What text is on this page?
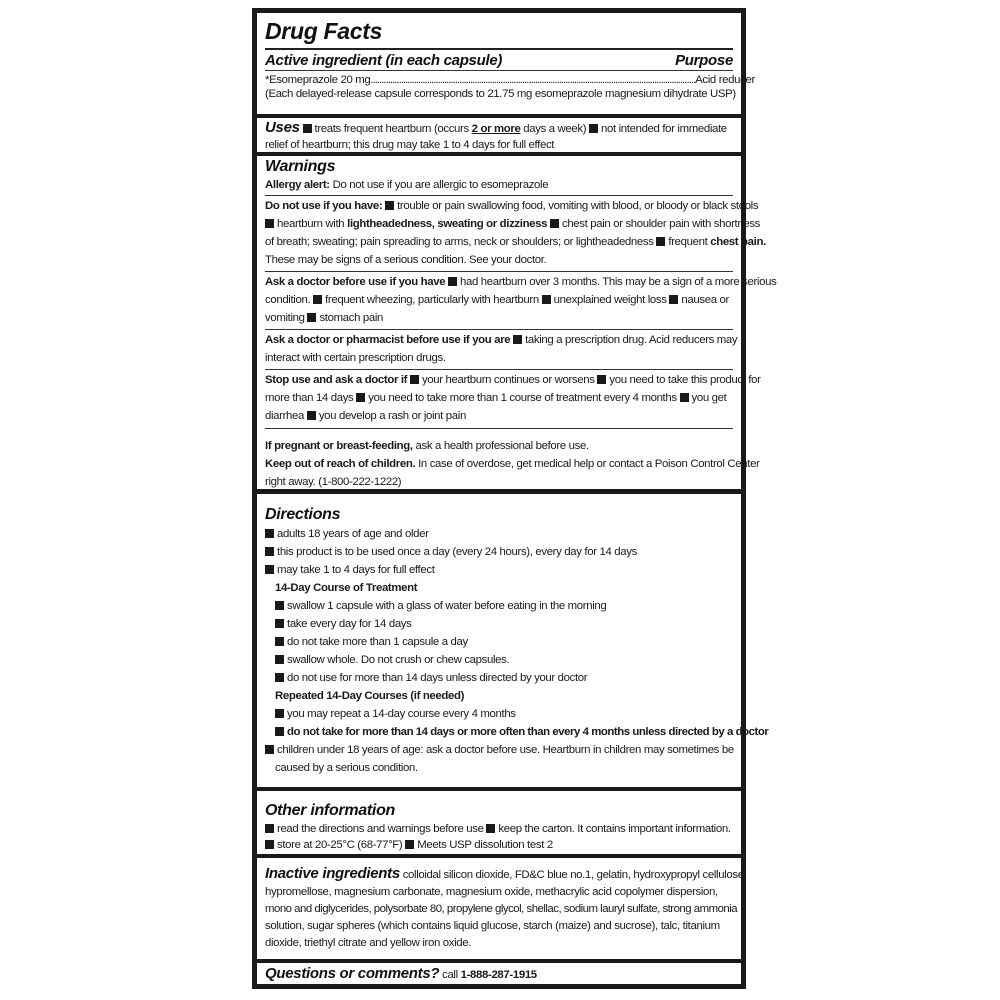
Drug Facts
Active ingredient (in each capsule)	Purpose
*Esomeprazole 20 mg ...................................................................................................................................................... Acid reducer
(Each delayed-release capsule corresponds to 21.75 mg esomeprazole magnesium dihydrate USP)
Uses treats frequent heartburn (occurs 2 or more days a week) not intended for immediate
relief of heartburn; this drug may take 1 to 4 days for full effect
Warnings
Allergy alert: Do not use if you are allergic to esomeprazole
Do not use if you have: trouble or pain swallowing food, vomiting with blood, or bloody or black stools
heartburn with lightheadedness, sweating or dizziness chest pain or shoulder pain with shortness
of breath; sweating; pain spreading to arms, neck or shoulders; or lightheadedness frequent chest pain.
These may be signs of a serious condition. See your doctor.
Ask a doctor before use if you have had heartburn over 3 months. This may be a sign of a more serious
condition. frequent wheezing, particularly with heartburn unexplained weight loss nausea or
vomiting stomach pain
Ask a doctor or pharmacist before use if you are taking a prescription drug. Acid reducers may
interact with certain prescription drugs.
Stop use and ask a doctor if your heartburn continues or worsens you need to take this product for
more than 14 days you need to take more than 1 course of treatment every 4 months you get
diarrhea you develop a rash or joint pain
If pregnant or breast-feeding, ask a health professional before use.
Keep out of reach of children. In case of overdose, get medical help or contact a Poison Control Center
right away. (1-800-222-1222)
Directions
adults 18 years of age and older
this product is to be used once a day (every 24 hours), every day for 14 days
may take 1 to 4 days for full effect
14-Day Course of Treatment
swallow 1 capsule with a glass of water before eating in the morning
take every day for 14 days
do not take more than 1 capsule a day
swallow whole. Do not crush or chew capsules.
do not use for more than 14 days unless directed by your doctor
Repeated 14-Day Courses (if needed)
you may repeat a 14-day course every 4 months
do not take for more than 14 days or more often than every 4 months unless directed by a doctor
children under 18 years of age: ask a doctor before use. Heartburn in children may sometimes be
caused by a serious condition.
Other information
read the directions and warnings before use keep the carton. It contains important information.
store at 20-25°C (68-77°F) Meets USP dissolution test 2
Inactive ingredients colloidal silicon dioxide, FD&C blue no.1, gelatin, hydroxypropyl cellulose,
hypromellose, magnesium carbonate, magnesium oxide, methacrylic acid copolymer dispersion,
mono and diglycerides, polysorbate 80, propylene glycol, shellac, sodium lauryl sulfate, strong ammonia
solution, sugar spheres (which contains liquid glucose, starch (maize) and sucrose), talc, titanium
dioxide, triethyl citrate and yellow iron oxide.
Questions or comments? call 1-888-287-1915
